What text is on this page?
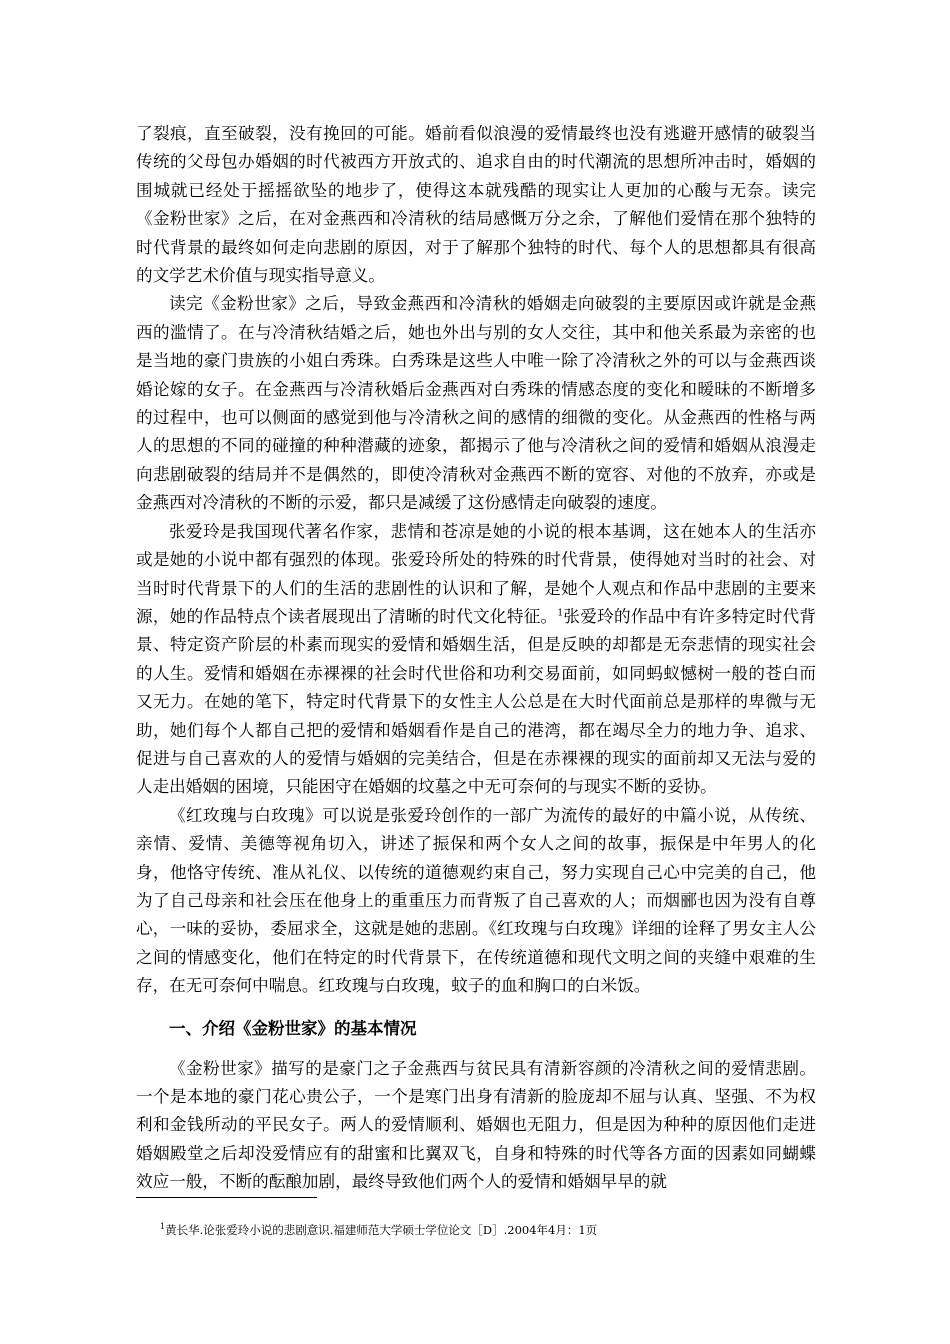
了裂痕，直至破裂，没有挽回的可能。婚前看似浪漫的爱情最终也没有逃避开感情的破裂当传统的父母包办婚姻的时代被西方开放式的、追求自由的时代潮流的思想所冲击时，婚姻的围城就已经处于摇摇欲坠的地步了，使得这本就残酷的现实让人更加的心酸与无奈。读完《金粉世家》之后，在对金燕西和冷清秋的结局感慨万分之余，了解他们爱情在那个独特的时代背景的最终如何走向悲剧的原因，对于了解那个独特的时代、每个人的思想都具有很高的文学艺术价值与现实指导意义。

读完《金粉世家》之后，导致金燕西和冷清秋的婚姻走向破裂的主要原因或许就是金燕西的滥情了。在与冷清秋结婚之后，她也外出与别的女人交往，其中和他关系最为亲密的也是当地的豪门贵族的小姐白秀珠。白秀珠是这些人中唯一除了冷清秋之外的可以与金燕西谈婚论嫁的女子。在金燕西与冷清秋婚后金燕西对白秀珠的情感态度的变化和暧昧的不断增多的过程中，也可以侧面的感觉到他与冷清秋之间的感情的细微的变化。从金燕西的性格与两人的思想的不同的碰撞的种种潜藏的迹象，都揭示了他与冷清秋之间的爱情和婚姻从浪漫走向悲剧破裂的结局并不是偶然的，即使冷清秋对金燕西不断的宽容、对他的不放弃，亦或是金燕西对冷清秋的不断的示爱，都只是减缓了这份感情走向破裂的速度。

张爱玲是我国现代著名作家，悲情和苍凉是她的小说的根本基调，这在她本人的生活亦或是她的小说中都有强烈的体现。张爱玲所处的特殊的时代背景，使得她对当时的社会、对当时时代背景下的人们的生活的悲剧性的认识和了解，是她个人观点和作品中悲剧的主要来源，她的作品特点个读者展现出了清晰的时代文化特征。$^1$张爱玲的作品中有许多特定时代背景、特定资产阶层的朴素而现实的爱情和婚姻生活，但是反映的却都是无奈悲情的现实社会的人生。爱情和婚姻在赤裸裸的社会时代世俗和功利交易面前，如同蚂蚁憾树一般的苍白而又无力。在她的笔下，特定时代背景下的女性主人公总是在大时代面前总是那样的卑微与无助，她们每个人都自己把的爱情和婚姻看作是自己的港湾，都在竭尽全力的地力争、追求、促进与自己喜欢的人的爱情与婚姻的完美结合，但是在赤裸裸的现实的面前却又无法与爱的人走出婚姻的困境，只能困守在婚姻的坟墓之中无可奈何的与现实不断的妥协。

《红玫瑰与白玫瑰》可以说是张爱玲创作的一部广为流传的最好的中篇小说，从传统、亲情、爱情、美德等视角切入，讲述了振保和两个女人之间的故事，振保是中年男人的化身，他恪守传统、准从礼仪、以传统的道德观约束自己，努力实现自己心中完美的自己，他为了自己母亲和社会压在他身上的重重压力而背叛了自己喜欢的人；而烟郦也因为没有自尊心，一味的妥协，委屈求全，这就是她的悲剧。《红玫瑰与白玫瑰》详细的诠释了男女主人公之间的情感变化，他们在特定的时代背景下，在传统道德和现代文明之间的夹缝中艰难的生存，在无可奈何中喘息。红玫瑰与白玫瑰，蚊子的血和胸口的白米饭。

一、介绍《金粉世家》的基本情况

《金粉世家》描写的是豪门之子金燕西与贫民具有清新容颜的冷清秋之间的爱情悲剧。一个是本地的豪门花心贵公子，一个是寒门出身有清新的脸庞却不屈与认真、坚强、不为权利和金钱所动的平民女子。两人的爱情顺利、婚姻也无阻力，但是因为种种的原因他们走进婚姻殿堂之后却没爱情应有的甜蜜和比翼双飞，自身和特殊的时代等各方面的因素如同蝴蝶效应一般，不断的酝酿加剧，最终导致他们两个人的爱情和婚姻早早的就

$^1$黄长华.论张爱玲小说的悲剧意识.福建师范大学硕士学位论文［D］.2004年4月：1页
